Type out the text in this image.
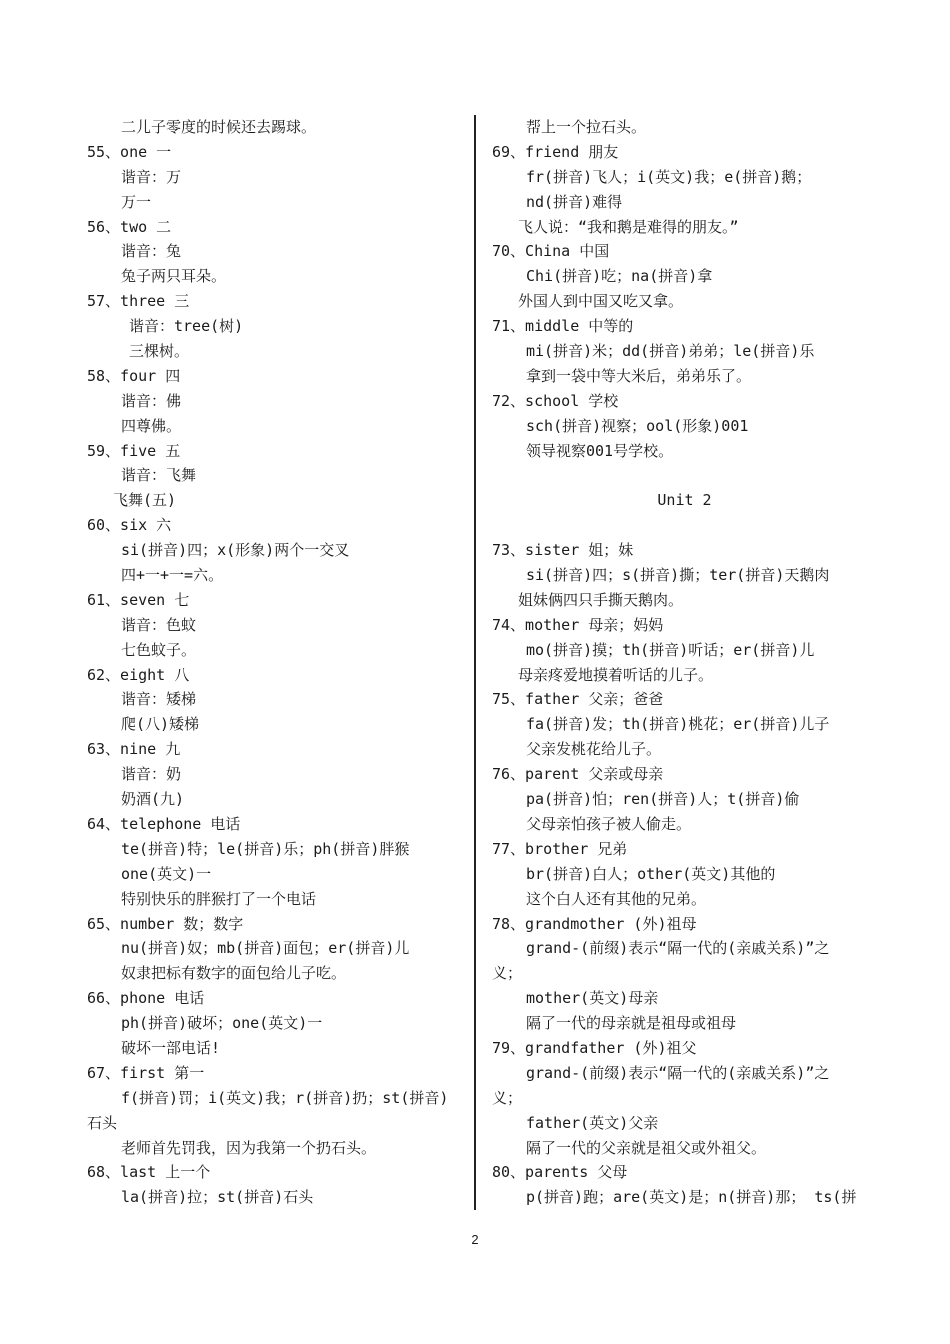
二儿子零度的时候还去踢球。
55、one 一
谐音：万
万一
56、two 二
谐音：兔
兔子两只耳朵。
57、three 三
谐音：tree(树)
三棵树。
58、four 四
谐音：佛
四尊佛。
59、five 五
谐音：飞舞
飞舞(五)
60、six 六
si(拼音)四；x(形象)两个一交叉
四+一+一=六。
61、seven 七
谐音：色蚊
七色蚊子。
62、eight 八
谐音：矮梯
爬(八)矮梯
63、nine 九
谐音：奶
奶酒(九)
64、telephone 电话
te(拼音)特；le(拼音)乐；ph(拼音)胖猴
one(英文)一
特别快乐的胖猴打了一个电话
65、number 数；数字
nu(拼音)奴；mb(拼音)面包；er(拼音)儿
奴隶把标有数字的面包给儿子吃。
66、phone 电话
ph(拼音)破坏；one(英文)一
破坏一部电话!
67、first 第一
f(拼音)罚；i(英文)我；r(拼音)扔；st(拼音)
石头
老师首先罚我，因为我第一个扔石头。
68、last 上一个
la(拼音)拉；st(拼音)石头
帮上一个拉石头。
69、friend 朋友
fr(拼音)飞人；i(英文)我；e(拼音)鹅；
nd(拼音)难得
飞人说：“我和鹅是难得的朋友。”
70、China 中国
Chi(拼音)吃；na(拼音)拿
外国人到中国又吃又拿。
71、middle 中等的
mi(拼音)米；dd(拼音)弟弟；le(拼音)乐
拿到一袋中等大米后，弟弟乐了。
72、school 学校
sch(拼音)视察；ool(形象)001
领导视察001号学校。
Unit 2
73、sister 姐；妹
si(拼音)四；s(拼音)撕；ter(拼音)天鹅肉
姐妹俩四只手撕天鹅肉。
74、mother 母亲；妈妈
mo(拼音)摸；th(拼音)听话；er(拼音)儿
母亲疼爱地摸着听话的儿子。
75、father 父亲；爸爸
fa(拼音)发；th(拼音)桃花；er(拼音)儿子
父亲发桃花给儿子。
76、parent 父亲或母亲
pa(拼音)怕；ren(拼音)人；t(拼音)偷
父母亲怕孩子被人偷走。
77、brother 兄弟
br(拼音)白人；other(英文)其他的
这个白人还有其他的兄弟。
78、grandmother (外)祖母
grand-(前缀)表示“隔一代的(亲戚关系)”之
义；
mother(英文)母亲
隔了一代的母亲就是祖母或祖母
79、grandfather (外)祖父
grand-(前缀)表示“隔一代的(亲戚关系)”之
义；
father(英文)父亲
隔了一代的父亲就是祖父或外祖父。
80、parents 父母
p(拼音)跑；are(英文)是；n(拼音)那； ts(拼
2
